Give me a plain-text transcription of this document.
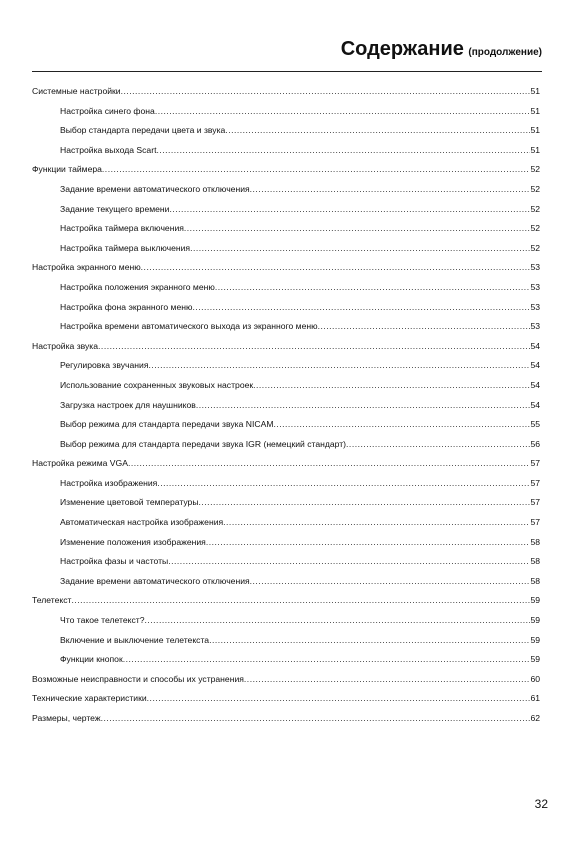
Содержание (продолжение)
Системные настройки .....	51
Настройка синего фона .....	51
Выбор стандарта передачи цвета и звука .....	51
Настройка выхода Scart .....	51
Функции таймера .....	52
Задание времени автоматического отключения .....	52
Задание текущего времени .....	52
Настройка таймера включения .....	52
Настройка таймера выключения .....	52
Настройка экранного меню .....	53
Настройка положения экранного меню .....	53
Настройка фона экранного меню .....	53
Настройка времени автоматического выхода из экранного меню .....	53
Настройка звука .....	54
Регулировка звучания .....	54
Использование сохраненных звуковых настроек .....	54
Загрузка настроек для наушников .....	54
Выбор режима для стандарта передачи звука NICAM .....	55
Выбор режима для стандарта передачи звука IGR (немецкий стандарт) .....	56
Настройка режима VGA .....	57
Настройка изображения .....	57
Изменение цветовой температуры .....	57
Автоматическая настройка изображения .....	57
Изменение положения изображения .....	58
Настройка фазы и частоты .....	58
Задание времени автоматического отключения .....	58
Телетекст .....	59
Что такое телетекст? .....	59
Включение и выключение телетекста .....	59
Функции кнопок .....	59
Возможные неисправности и способы их устранения .....	60
Технические характеристики .....	61
Размеры, чертеж .....	62
32
